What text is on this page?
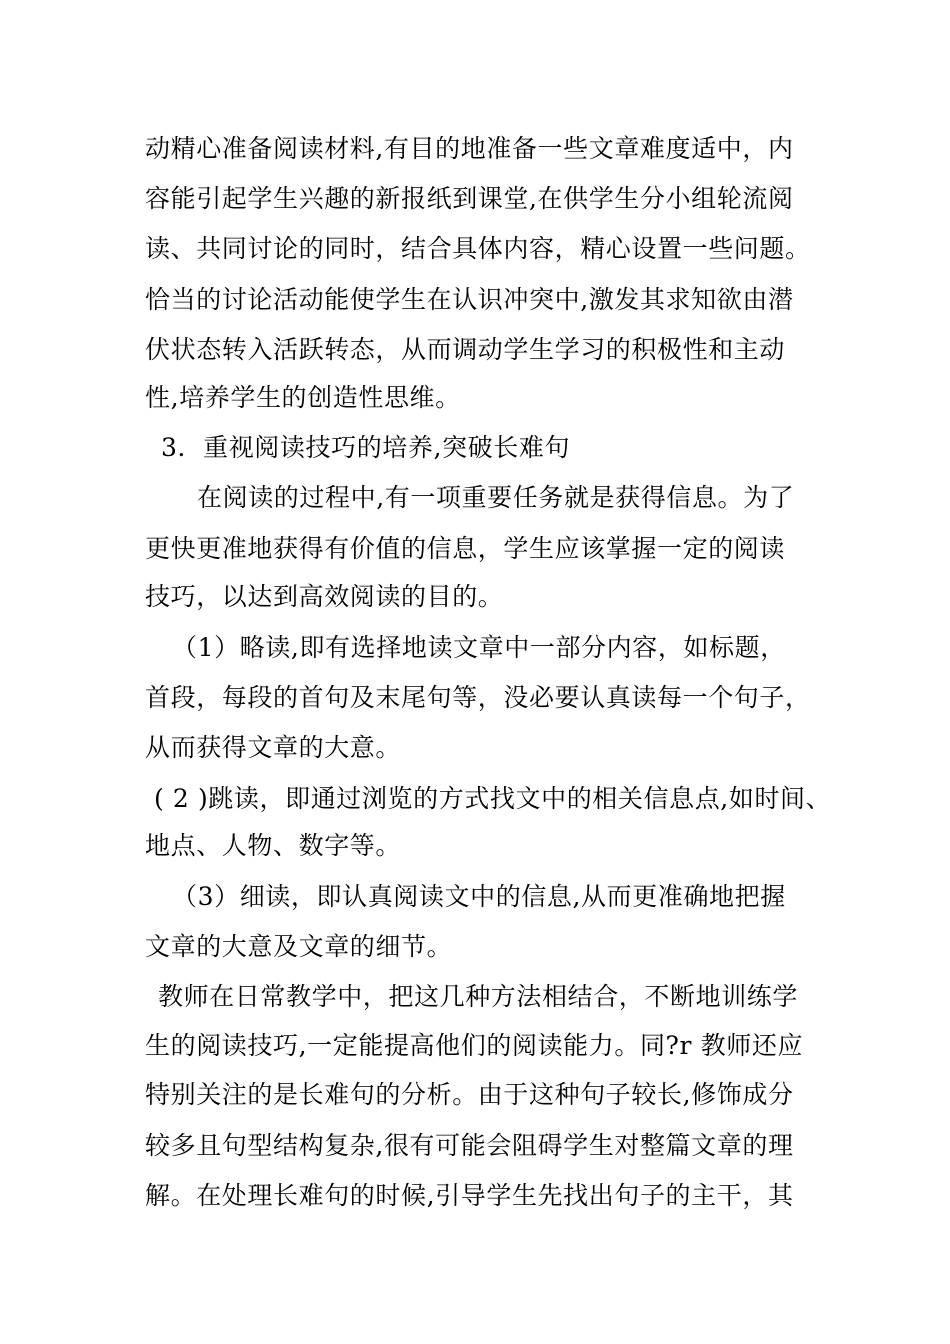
动精心准备阅读材料,有目的地准备一些文章难度适中，内
容能引起学生兴趣的新报纸到课堂,在供学生分小组轮流阅
读、共同讨论的同时，结合具体内容，精心设置一些问题。
恰当的讨论活动能使学生在认识冲突中,激发其求知欲由潜
伏状态转入活跃转态，从而调动学生学习的积极性和主动
性,培养学生的创造性思维。
3．重视阅读技巧的培养,突破长难句
在阅读的过程中,有一项重要任务就是获得信息。为了
更快更准地获得有价值的信息，学生应该掌握一定的阅读
技巧，以达到高效阅读的目的。
（1）略读,即有选择地读文章中一部分内容，如标题，
首段，每段的首句及末尾句等，没必要认真读每一个句子，
从而获得文章的大意。
( 2 )跳读，即通过浏览的方式找文中的相关信息点,如时间、
地点、人物、数字等。
（3）细读，即认真阅读文中的信息,从而更准确地把握
文章的大意及文章的细节。
教师在日常教学中，把这几种方法相结合，不断地训练学
生的阅读技巧,一定能提高他们的阅读能力。同?r 教师还应
特别关注的是长难句的分析。由于这种句子较长,修饰成分
较多且句型结构复杂,很有可能会阻碍学生对整篇文章的理
解。在处理长难句的时候,引导学生先找出句子的主干，其
